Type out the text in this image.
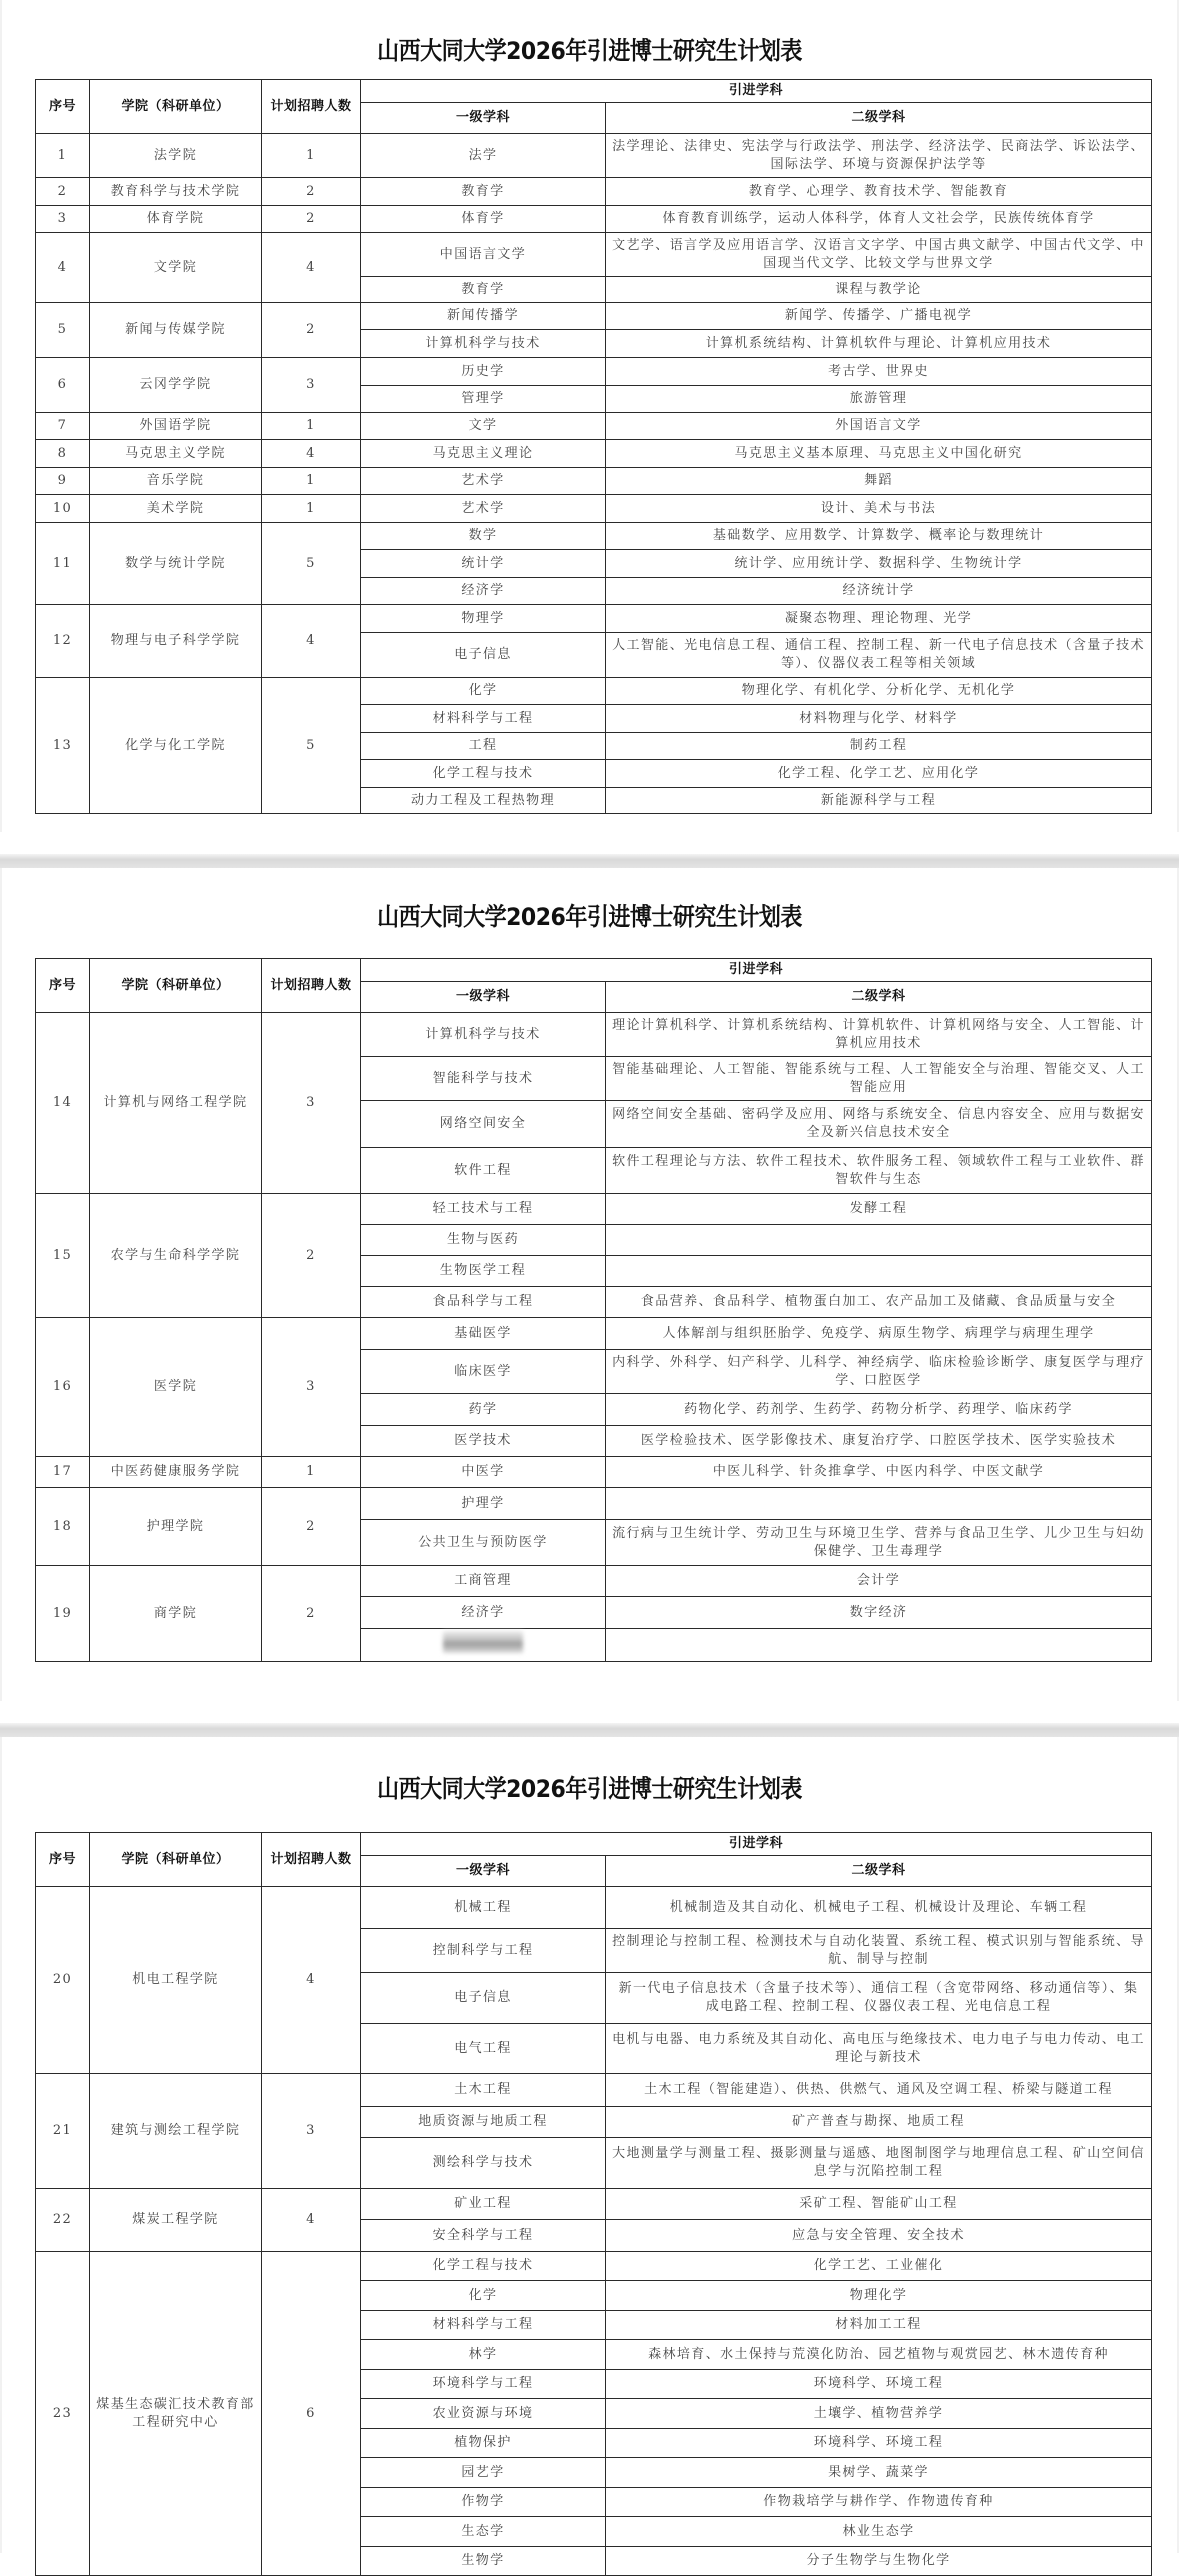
山西大同大学2026年引进博士研究生计划表
序号	学院（科研单位）	计划招聘人数	引进学科	
			一级学科	二级学科
1	法学院	1	法学	法学理论、法律史、宪法学与行政法学、刑法学、经济法学、民商法学、诉讼法学、国际法学、环境与资源保护法学等
2	教育科学与技术学院	2	教育学	教育学、心理学、教育技术学、智能教育
3	体育学院	2	体育学	体育教育训练学，运动人体科学，体育人文社会学，民族传统体育学
4	文学院	4	中国语言文学	文艺学、语言学及应用语言学、汉语言文字学、中国古典文献学、中国古代文学、中国现当代文学、比较文学与世界文学
			教育学	课程与教学论
5	新闻与传媒学院	2	新闻传播学	新闻学、传播学、广播电视学
			计算机科学与技术	计算机系统结构、计算机软件与理论、计算机应用技术
6	云冈学学院	3	历史学	考古学、世界史
			管理学	旅游管理
7	外国语学院	1	文学	外国语言文学
8	马克思主义学院	4	马克思主义理论	马克思主义基本原理、马克思主义中国化研究
9	音乐学院	1	艺术学	舞蹈
10	美术学院	1	艺术学	设计、美术与书法
11	数学与统计学院	5	数学	基础数学、应用数学、计算数学、概率论与数理统计
			统计学	统计学、应用统计学、数据科学、生物统计学
			经济学	经济统计学
12	物理与电子科学学院	4	物理学	凝聚态物理、理论物理、光学
			电子信息	人工智能、光电信息工程、通信工程、控制工程、新一代电子信息技术（含量子技术等）、仪器仪表工程等相关领域
13	化学与化工学院	5	化学	物理化学、有机化学、分析化学、无机化学
			材料科学与工程	材料物理与化学、材料学
			工程	制药工程
			化学工程与技术	化学工程、化学工艺、应用化学
			动力工程及工程热物理	新能源科学与工程
山西大同大学2026年引进博士研究生计划表
序号	学院（科研单位）	计划招聘人数	引进学科	
			一级学科	二级学科
14	计算机与网络工程学院	3	计算机科学与技术	理论计算机科学、计算机系统结构、计算机软件、计算机网络与安全、人工智能、计算机应用技术
			智能科学与技术	智能基础理论、人工智能、智能系统与工程、人工智能安全与治理、智能交叉、人工智能应用
			网络空间安全	网络空间安全基础、密码学及应用、网络与系统安全、信息内容安全、应用与数据安全及新兴信息技术安全
			软件工程	软件工程理论与方法、软件工程技术、软件服务工程、领域软件工程与工业软件、群智软件与生态
15	农学与生命科学学院	2	轻工技术与工程	发酵工程
			生物与医药	
			生物医学工程	
			食品科学与工程	食品营养、食品科学、植物蛋白加工、农产品加工及储藏、食品质量与安全
16	医学院	3	基础医学	人体解剖与组织胚胎学、免疫学、病原生物学、病理学与病理生理学
			临床医学	内科学、外科学、妇产科学、儿科学、神经病学、临床检验诊断学、康复医学与理疗学、口腔医学
			药学	药物化学、药剂学、生药学、药物分析学、药理学、临床药学
			医学技术	医学检验技术、医学影像技术、康复治疗学、口腔医学技术、医学实验技术
17	中医药健康服务学院	1	中医学	中医儿科学、针灸推拿学、中医内科学、中医文献学
18	护理学院	2	护理学	
			公共卫生与预防医学	流行病与卫生统计学、劳动卫生与环境卫生学、营养与食品卫生学、儿少卫生与妇幼保健学、卫生毒理学
19	商学院	2	工商管理	会计学
			经济学	数字经济

山西大同大学2026年引进博士研究生计划表
序号	学院（科研单位）	计划招聘人数	引进学科	
			一级学科	二级学科
20	机电工程学院	4	机械工程	机械制造及其自动化、机械电子工程、机械设计及理论、车辆工程
			控制科学与工程	控制理论与控制工程、检测技术与自动化装置、系统工程、模式识别与智能系统、导航、制导与控制
			电子信息	新一代电子信息技术（含量子技术等）、通信工程（含宽带网络、移动通信等）、集成电路工程、控制工程、仪器仪表工程、光电信息工程
			电气工程	电机与电器、电力系统及其自动化、高电压与绝缘技术、电力电子与电力传动、电工理论与新技术
21	建筑与测绘工程学院	3	土木工程	土木工程（智能建造）、供热、供燃气、通风及空调工程、桥梁与隧道工程
			地质资源与地质工程	矿产普查与勘探、地质工程
			测绘科学与技术	大地测量学与测量工程、摄影测量与遥感、地图制图学与地理信息工程、矿山空间信息学与沉陷控制工程
22	煤炭工程学院	4	矿业工程	采矿工程、智能矿山工程
			安全科学与工程	应急与安全管理、安全技术
23	煤基生态碳汇技术教育部工程研究中心	6	化学工程与技术	化学工艺、工业催化
			化学	物理化学
			材料科学与工程	材料加工工程
			林学	森林培育、水土保持与荒漠化防治、园艺植物与观赏园艺、林木遗传育种
			环境科学与工程	环境科学、环境工程
			农业资源与环境	土壤学、植物营养学
			植物保护	环境科学、环境工程
			园艺学	果树学、蔬菜学
			作物学	作物栽培学与耕作学、作物遗传育种
			生态学	林业生态学
			生物学	分子生物学与生物化学
